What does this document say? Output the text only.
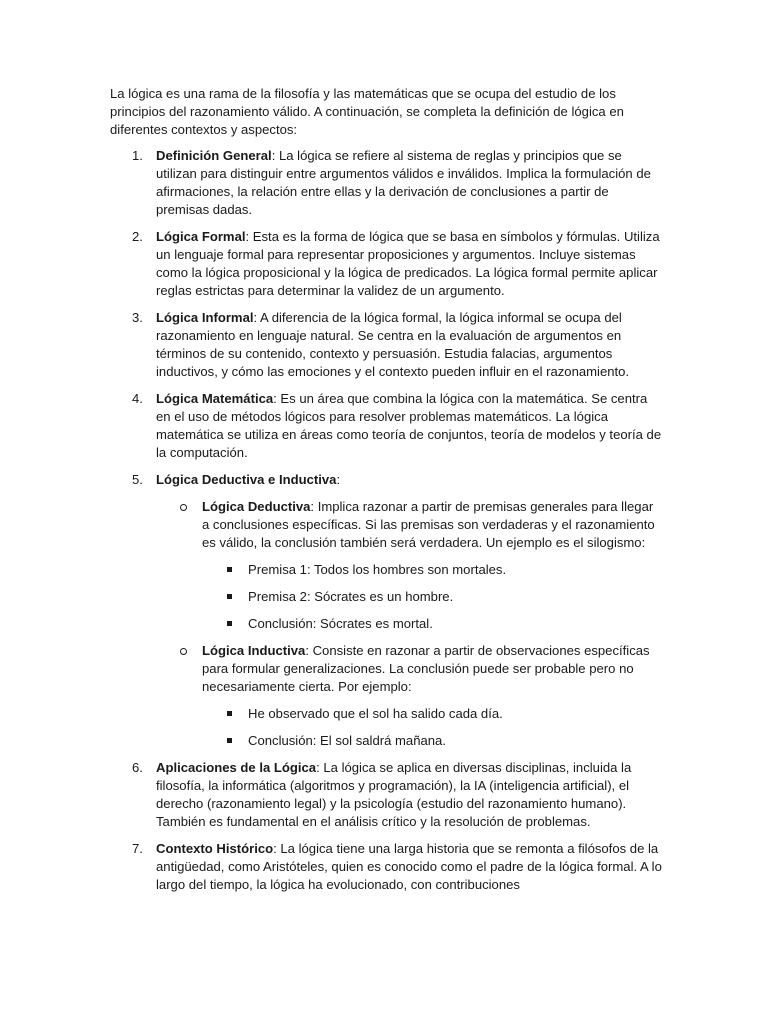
La lógica es una rama de la filosofía y las matemáticas que se ocupa del estudio de los principios del razonamiento válido. A continuación, se completa la definición de lógica en diferentes contextos y aspectos:

1. Definición General: La lógica se refiere al sistema de reglas y principios que se utilizan para distinguir entre argumentos válidos e inválidos. Implica la formulación de afirmaciones, la relación entre ellas y la derivación de conclusiones a partir de premisas dadas.
2. Lógica Formal: Esta es la forma de lógica que se basa en símbolos y fórmulas. Utiliza un lenguaje formal para representar proposiciones y argumentos. Incluye sistemas como la lógica proposicional y la lógica de predicados. La lógica formal permite aplicar reglas estrictas para determinar la validez de un argumento.
3. Lógica Informal: A diferencia de la lógica formal, la lógica informal se ocupa del razonamiento en lenguaje natural. Se centra en la evaluación de argumentos en términos de su contenido, contexto y persuasión. Estudia falacias, argumentos inductivos, y cómo las emociones y el contexto pueden influir en el razonamiento.
4. Lógica Matemática: Es un área que combina la lógica con la matemática. Se centra en el uso de métodos lógicos para resolver problemas matemáticos. La lógica matemática se utiliza en áreas como teoría de conjuntos, teoría de modelos y teoría de la computación.
5. Lógica Deductiva e Inductiva:
Lógica Deductiva: Implica razonar a partir de premisas generales para llegar a conclusiones específicas. Si las premisas son verdaderas y el razonamiento es válido, la conclusión también será verdadera. Un ejemplo es el silogismo:
Premisa 1: Todos los hombres son mortales.
Premisa 2: Sócrates es un hombre.
Conclusión: Sócrates es mortal.
Lógica Inductiva: Consiste en razonar a partir de observaciones específicas para formular generalizaciones. La conclusión puede ser probable pero no necesariamente cierta. Por ejemplo:
He observado que el sol ha salido cada día.
Conclusión: El sol saldrá mañana.
6. Aplicaciones de la Lógica: La lógica se aplica en diversas disciplinas, incluida la filosofía, la informática (algoritmos y programación), la IA (inteligencia artificial), el derecho (razonamiento legal) y la psicología (estudio del razonamiento humano). También es fundamental en el análisis crítico y la resolución de problemas.
7. Contexto Histórico: La lógica tiene una larga historia que se remonta a filósofos de la antigüedad, como Aristóteles, quien es conocido como el padre de la lógica formal. A lo largo del tiempo, la lógica ha evolucionado, con contribuciones
